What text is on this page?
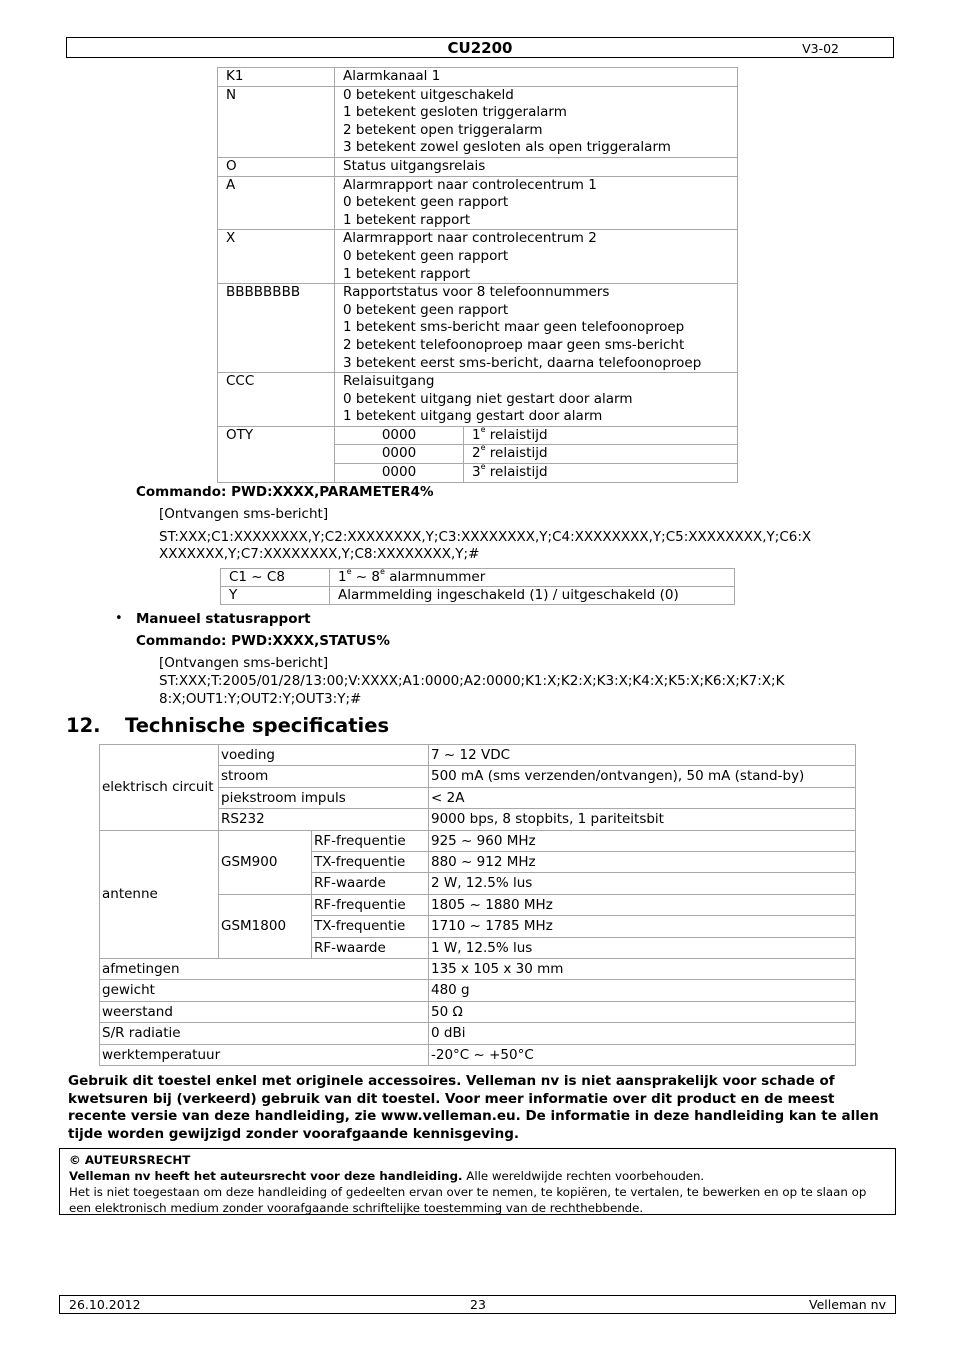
CU2200	V3-02
K1	Alarmkanaal 1	

N	0 betekent uitgeschakeld
1 betekent gesloten triggeralarm
2 betekent open triggeralarm
3 betekent zowel gesloten als open triggeralarm	

O	Status uitgangsrelais	

A	Alarmrapport naar controlecentrum 1
0 betekent geen rapport
1 betekent rapport	

X	Alarmrapport naar controlecentrum 2
0 betekent geen rapport
1 betekent rapport	

BBBBBBBB	Rapportstatus voor 8 telefoonnummers
0 betekent geen rapport
1 betekent sms-bericht maar geen telefoonoproep
2 betekent telefoonoproep maar geen sms-bericht
3 betekent eerst sms-bericht, daarna telefoonoproep	

CCC	Relaisuitgang
0 betekent uitgang niet gestart door alarm
1 betekent uitgang gestart door alarm	

OTY	0000	1e relaistijd
	0000	2e relaistijd
	0000	3e relaistijd
Commando: PWD:XXXX,PARAMETER4%
[Ontvangen sms-bericht]
ST:XXX;C1:XXXXXXXX,Y;C2:XXXXXXXX,Y;C3:XXXXXXXX,Y;C4:XXXXXXXX,Y;C5:XXXXXXXX,Y;C6:X
XXXXXXX,Y;C7:XXXXXXXX,Y;C8:XXXXXXXX,Y;#
C1 ~ C8	1e ~ 8e alarmnummer
Y	Alarmmelding ingeschakeld (1) / uitgeschakeld (0)
• Manueel statusrapport
Commando: PWD:XXXX,STATUS%
[Ontvangen sms-bericht]
ST:XXX;T:2005/01/28/13:00;V:XXXX;A1:0000;A2:0000;K1:X;K2:X;K3:X;K4:X;K5:X;K6:X;K7:X;K
8:X;OUT1:Y;OUT2:Y;OUT3:Y;#
12. Technische specificaties
elektrisch circuit	voeding		7 ~ 12 VDC
	stroom		500 mA (sms verzenden/ontvangen), 50 mA (stand-by)
	piekstroom impuls		< 2A
	RS232		9000 bps, 8 stopbits, 1 pariteitsbit
antenne	GSM900	RF-frequentie	925 ~ 960 MHz
		TX-frequentie	880 ~ 912 MHz
		RF-waarde	2 W, 12.5% lus
	GSM1800	RF-frequentie	1805 ~ 1880 MHz
		TX-frequentie	1710 ~ 1785 MHz
		RF-waarde	1 W, 12.5% lus
afmetingen			135 x 105 x 30 mm
gewicht			480 g
weerstand			50 Ω
S/R radiatie			0 dBi
werktemperatuur			-20°C ~ +50°C
Gebruik dit toestel enkel met originele accessoires. Velleman nv is niet aansprakelijk voor schade of kwetsuren bij (verkeerd) gebruik van dit toestel. Voor meer informatie over dit product en de meest recente versie van deze handleiding, zie www.velleman.eu. De informatie in deze handleiding kan te allen tijde worden gewijzigd zonder voorafgaande kennisgeving.
© AUTEURSRECHT
Velleman nv heeft het auteursrecht voor deze handleiding. Alle wereldwijde rechten voorbehouden.
Het is niet toegestaan om deze handleiding of gedeelten ervan over te nemen, te kopiëren, te vertalen, te bewerken en op te slaan op een elektronisch medium zonder voorafgaande schriftelijke toestemming van de rechthebbende.
26.10.2012	23	Velleman nv
